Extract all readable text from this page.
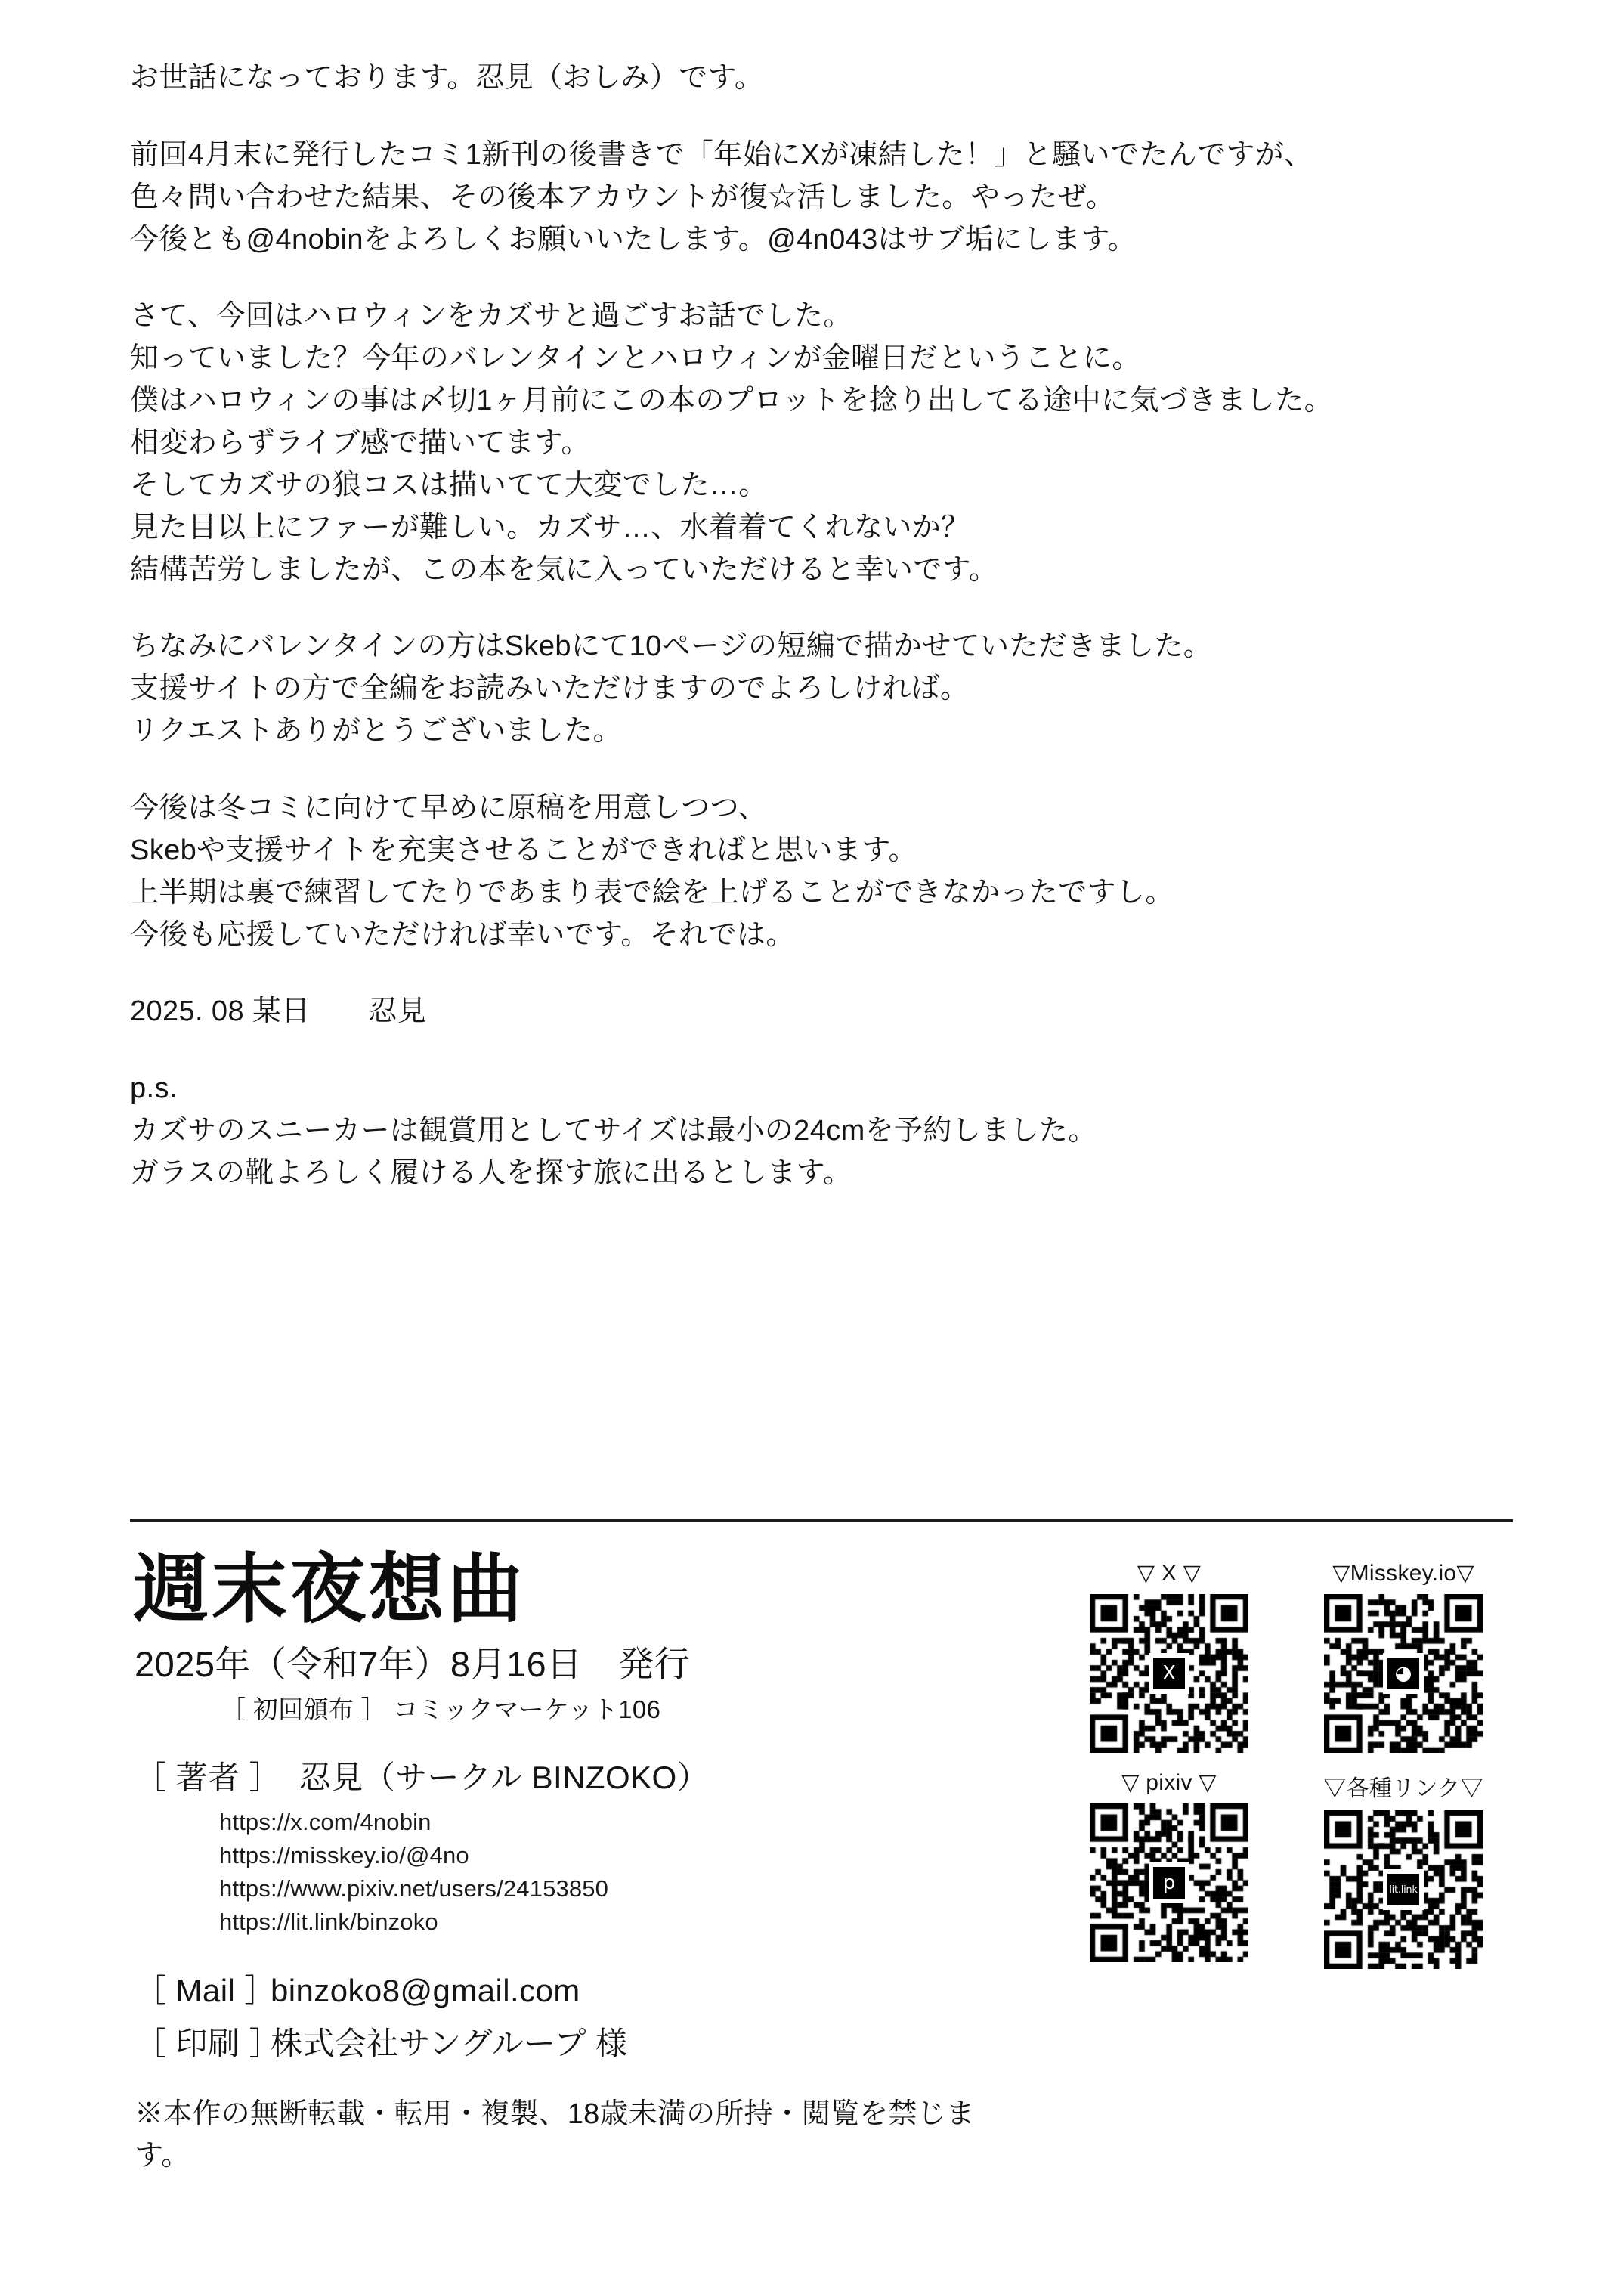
お世話になっております。忍見（おしみ）です。
前回4月末に発行したコミ1新刊の後書きで「年始にXが凍結した！」と騒いでたんですが、
色々問い合わせた結果、その後本アカウントが復☆活しました。やったぜ。
今後とも@4nobinをよろしくお願いいたします。@4n043はサブ垢にします。
さて、今回はハロウィンをカズサと過ごすお話でした。
知っていました？今年のバレンタインとハロウィンが金曜日だということに。
僕はハロウィンの事は〆切1ヶ月前にこの本のプロットを捻り出してる途中に気づきました。
相変わらずライブ感で描いてます。
そしてカズサの狼コスは描いてて大変でした…。
見た目以上にファーが難しい。カズサ…、水着着てくれないか？
結構苦労しましたが、この本を気に入っていただけると幸いです。
ちなみにバレンタインの方はSkebにて10ページの短編で描かせていただきました。
支援サイトの方で全編をお読みいただけますのでよろしければ。
リクエストありがとうございました。
今後は冬コミに向けて早めに原稿を用意しつつ、
Skebや支援サイトを充実させることができればと思います。
上半期は裏で練習してたりであまり表で絵を上げることができなかったですし。
今後も応援していただければ幸いです。それでは。
2025. 08 某日　　忍見
p.s.
カズサのスニーカーは観賞用としてサイズは最小の24cmを予約しました。
ガラスの靴よろしく履ける人を探す旅に出るとします。
週末夜想曲
2025年（令和7年）8月16日　発行
［ 初回頒布 ］ コミックマーケット106
［ 著者 ］ 忍見（サークル BINZOKO）
https://x.com/4nobin
https://misskey.io/@4no
https://www.pixiv.net/users/24153850
https://lit.link/binzoko
［ Mail ］binzoko8@gmail.com
［ 印刷 ］株式会社サングループ 様
※本作の無断転載・転用・複製、18歳未満の所持・閲覧を禁じます。
▽ X ▽
X
▽Misskey.io▽
◕
▽ pixiv ▽
p
▽各種リンク▽
lit.link
